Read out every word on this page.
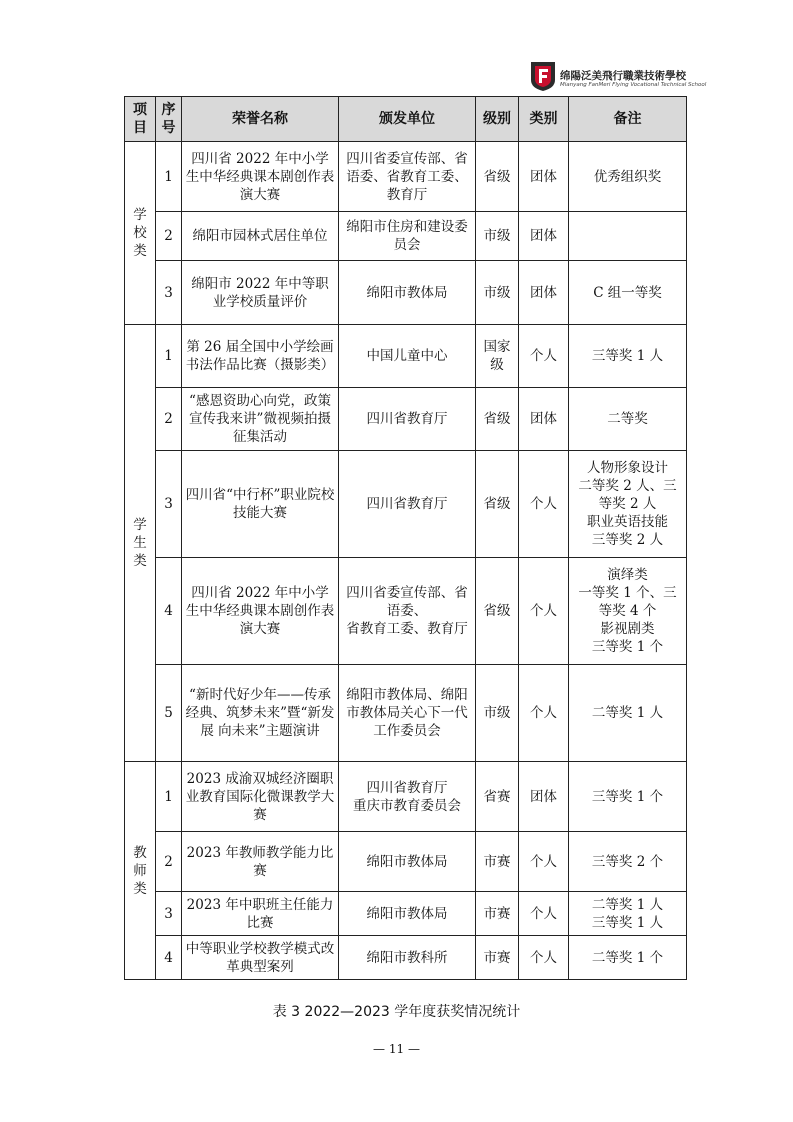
绵陽泛美飛行職業技術學校
Mianyang FanMeri Flying Vocational Technical School
项目	序号	荣誉名称	颁发单位	级别	类别	备注
学校类	1	四川省 2022 年中小学生中华经典课本剧创作表演大赛	四川省委宣传部、省语委、省教育工委、教育厅	省级	团体	优秀组织奖
	2	绵阳市园林式居住单位	绵阳市住房和建设委员会	市级	团体	
	3	绵阳市 2022 年中等职业学校质量评价	绵阳市教体局	市级	团体	C 组一等奖
学生类	1	第 26 届全国中小学绘画书法作品比赛（摄影类）	中国儿童中心	国家级	个人	三等奖 1 人
	2	“感恩资助心向党，政策宣传我来讲”微视频拍摄征集活动	四川省教育厅	省级	团体	二等奖
	3	四川省“中行杯”职业院校技能大赛	四川省教育厅	省级	个人	人物形象设计
二等奖 2 人、三等奖 2 人
职业英语技能
三等奖 2 人
	4	四川省 2022 年中小学生中华经典课本剧创作表演大赛	四川省委宣传部、省语委、
省教育工委、教育厅	省级	个人	演绎类
一等奖 1 个、三等奖 4 个
影视剧类
三等奖 1 个
	5	“新时代好少年——传承经典、筑梦未来”暨“新发展 向未来”主题演讲	绵阳市教体局、绵阳市教体局关心下一代工作委员会	市级	个人	二等奖 1 人
教师类	1	2023 成渝双城经济圈职业教育国际化微课教学大赛	四川省教育厅
重庆市教育委员会	省赛	团体	三等奖 1 个
	2	2023 年教师教学能力比赛	绵阳市教体局	市赛	个人	三等奖 2 个
	3	2023 年中职班主任能力比赛	绵阳市教体局	市赛	个人	二等奖 1 人
三等奖 1 人
	4	中等职业学校教学模式改革典型案列	绵阳市教科所	市赛	个人	二等奖 1 个
表 3 2022—2023 学年度获奖情况统计
— 11 —
